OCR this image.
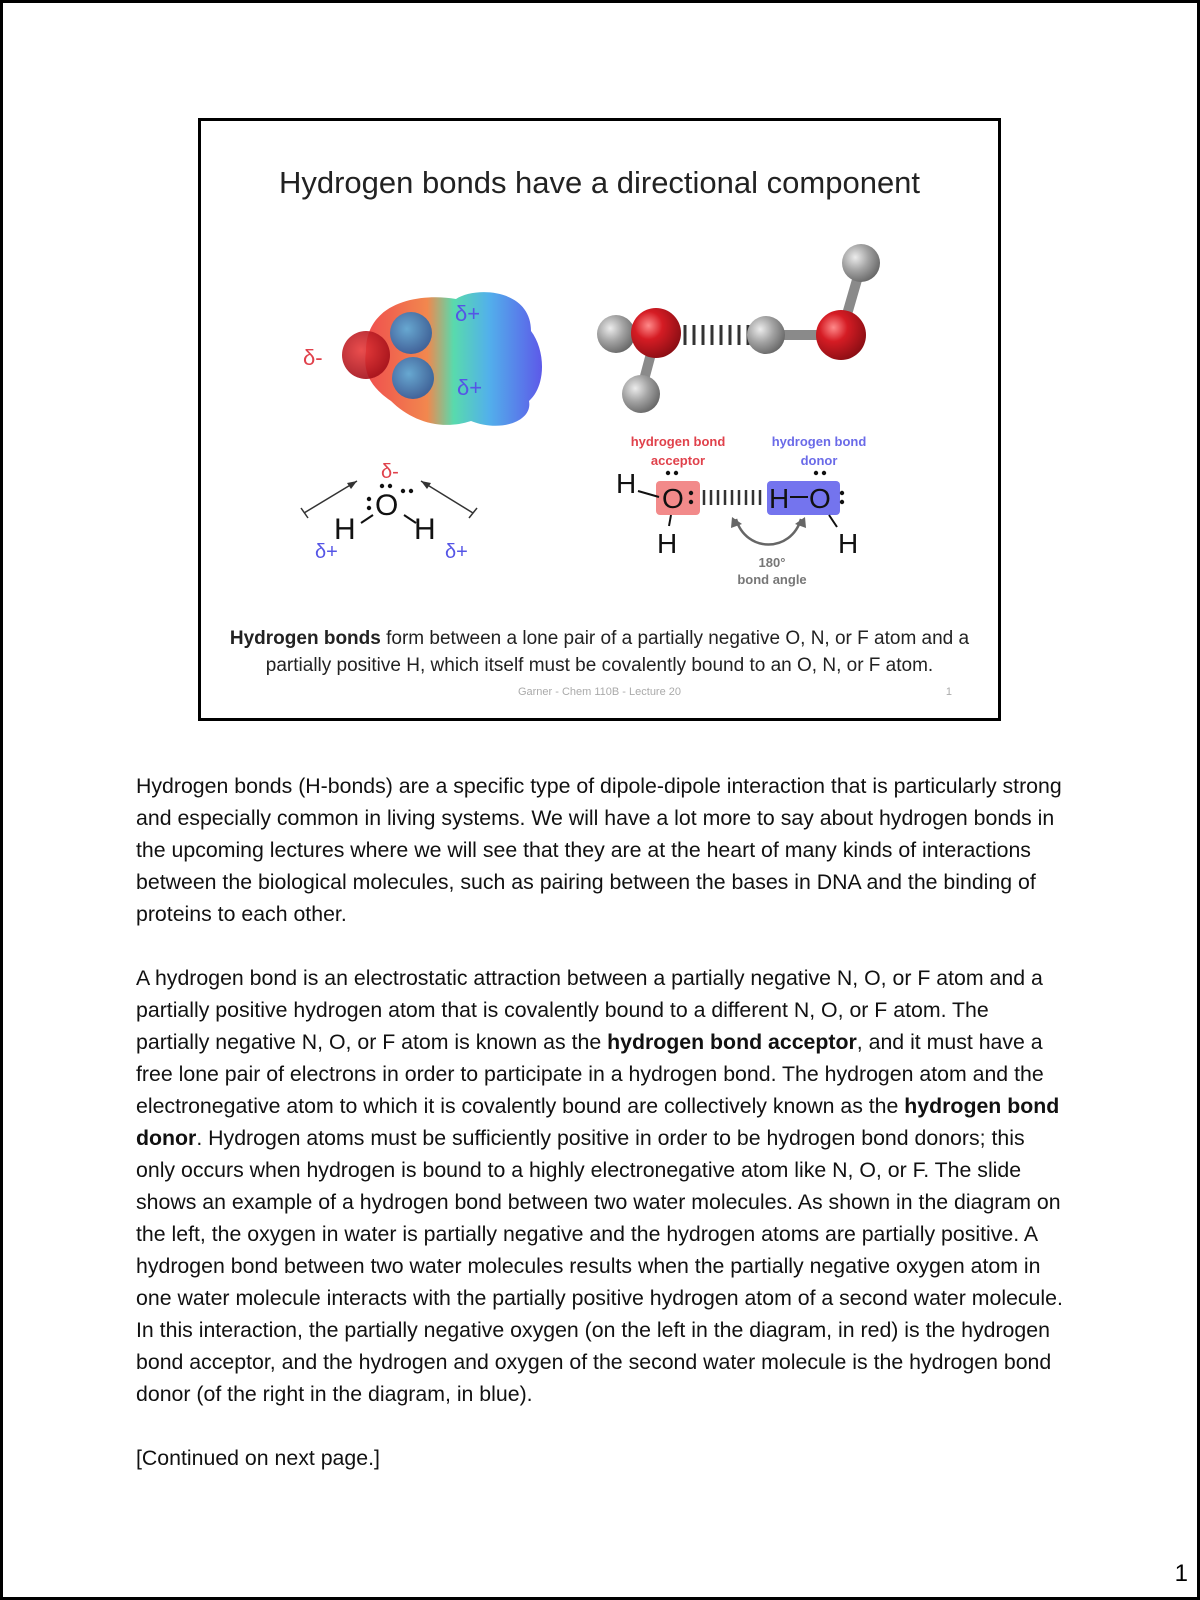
Hydrogen bonds have a directional component
δ-
δ+
δ+
δ-
O
H H
δ+	δ+
hydrogen bond
acceptor
hydrogen bond
donor
H O
H
H O
H
180°
bond angle
Hydrogen bonds form between a lone pair of a partially negative O, N, or F atom and a partially positive H, which itself must be covalently bound to an O, N, or F atom.
Garner - Chem 110B - Lecture 20	1

Hydrogen bonds (H-bonds) are a specific type of dipole-dipole interaction that is particularly strong and especially common in living systems. We will have a lot more to say about hydrogen bonds in the upcoming lectures where we will see that they are at the heart of many kinds of interactions between the biological molecules, such as pairing between the bases in DNA and the binding of proteins to each other.

A hydrogen bond is an electrostatic attraction between a partially negative N, O, or F atom and a partially positive hydrogen atom that is covalently bound to a different N, O, or F atom. The partially negative N, O, or F atom is known as the hydrogen bond acceptor, and it must have a free lone pair of electrons in order to participate in a hydrogen bond. The hydrogen atom and the electronegative atom to which it is covalently bound are collectively known as the hydrogen bond donor. Hydrogen atoms must be sufficiently positive in order to be hydrogen bond donors; this only occurs when hydrogen is bound to a highly electronegative atom like N, O, or F. The slide shows an example of a hydrogen bond between two water molecules. As shown in the diagram on the left, the oxygen in water is partially negative and the hydrogen atoms are partially positive. A hydrogen bond between two water molecules results when the partially negative oxygen atom in one water molecule interacts with the partially positive hydrogen atom of a second water molecule. In this interaction, the partially negative oxygen (on the left in the diagram, in red) is the hydrogen bond acceptor, and the hydrogen and oxygen of the second water molecule is the hydrogen bond donor (of the right in the diagram, in blue).

[Continued on next page.]

1
